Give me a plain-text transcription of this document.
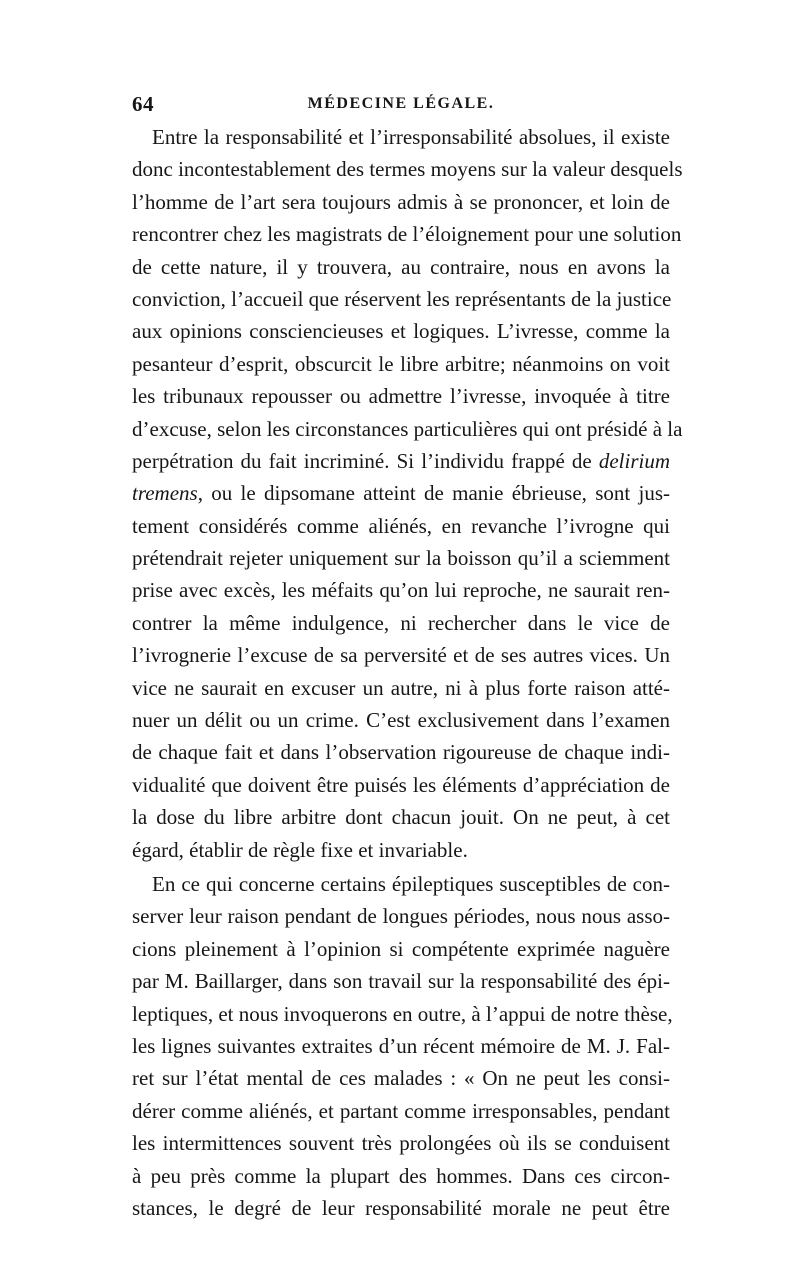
64	MÉDECINE LÉGALE.
Entre la responsabilité et l’irresponsabilité absolues, il existe
donc incontestablement des termes moyens sur la valeur desquels
l’homme de l’art sera toujours admis à se prononcer, et loin de
rencontrer chez les magistrats de l’éloignement pour une solution
de cette nature, il y trouvera, au contraire, nous en avons la
conviction, l’accueil que réservent les représentants de la justice
aux opinions consciencieuses et logiques. L’ivresse, comme la
pesanteur d’esprit, obscurcit le libre arbitre; néanmoins on voit
les tribunaux repousser ou admettre l’ivresse, invoquée à titre
d’excuse, selon les circonstances particulières qui ont présidé à la
perpétration du fait incriminé. Si l’individu frappé de delirium
tremens, ou le dipsomane atteint de manie ébrieuse, sont jus-
tement considérés comme aliénés, en revanche l’ivrogne qui
prétendrait rejeter uniquement sur la boisson qu’il a sciemment
prise avec excès, les méfaits qu’on lui reproche, ne saurait ren-
contrer la même indulgence, ni rechercher dans le vice de
l’ivrognerie l’excuse de sa perversité et de ses autres vices. Un
vice ne saurait en excuser un autre, ni à plus forte raison atté-
nuer un délit ou un crime. C’est exclusivement dans l’examen
de chaque fait et dans l’observation rigoureuse de chaque indi-
vidualité que doivent être puisés les éléments d’appréciation de
la dose du libre arbitre dont chacun jouit. On ne peut, à cet
égard, établir de règle fixe et invariable.
En ce qui concerne certains épileptiques susceptibles de con-
server leur raison pendant de longues périodes, nous nous asso-
cions pleinement à l’opinion si compétente exprimée naguère
par M. Baillarger, dans son travail sur la responsabilité des épi-
leptiques, et nous invoquerons en outre, à l’appui de notre thèse,
les lignes suivantes extraites d’un récent mémoire de M. J. Fal-
ret sur l’état mental de ces malades : « On ne peut les consi-
dérer comme aliénés, et partant comme irresponsables, pendant
les intermittences souvent très prolongées où ils se conduisent
à peu près comme la plupart des hommes. Dans ces circon-
stances, le degré de leur responsabilité morale ne peut être
